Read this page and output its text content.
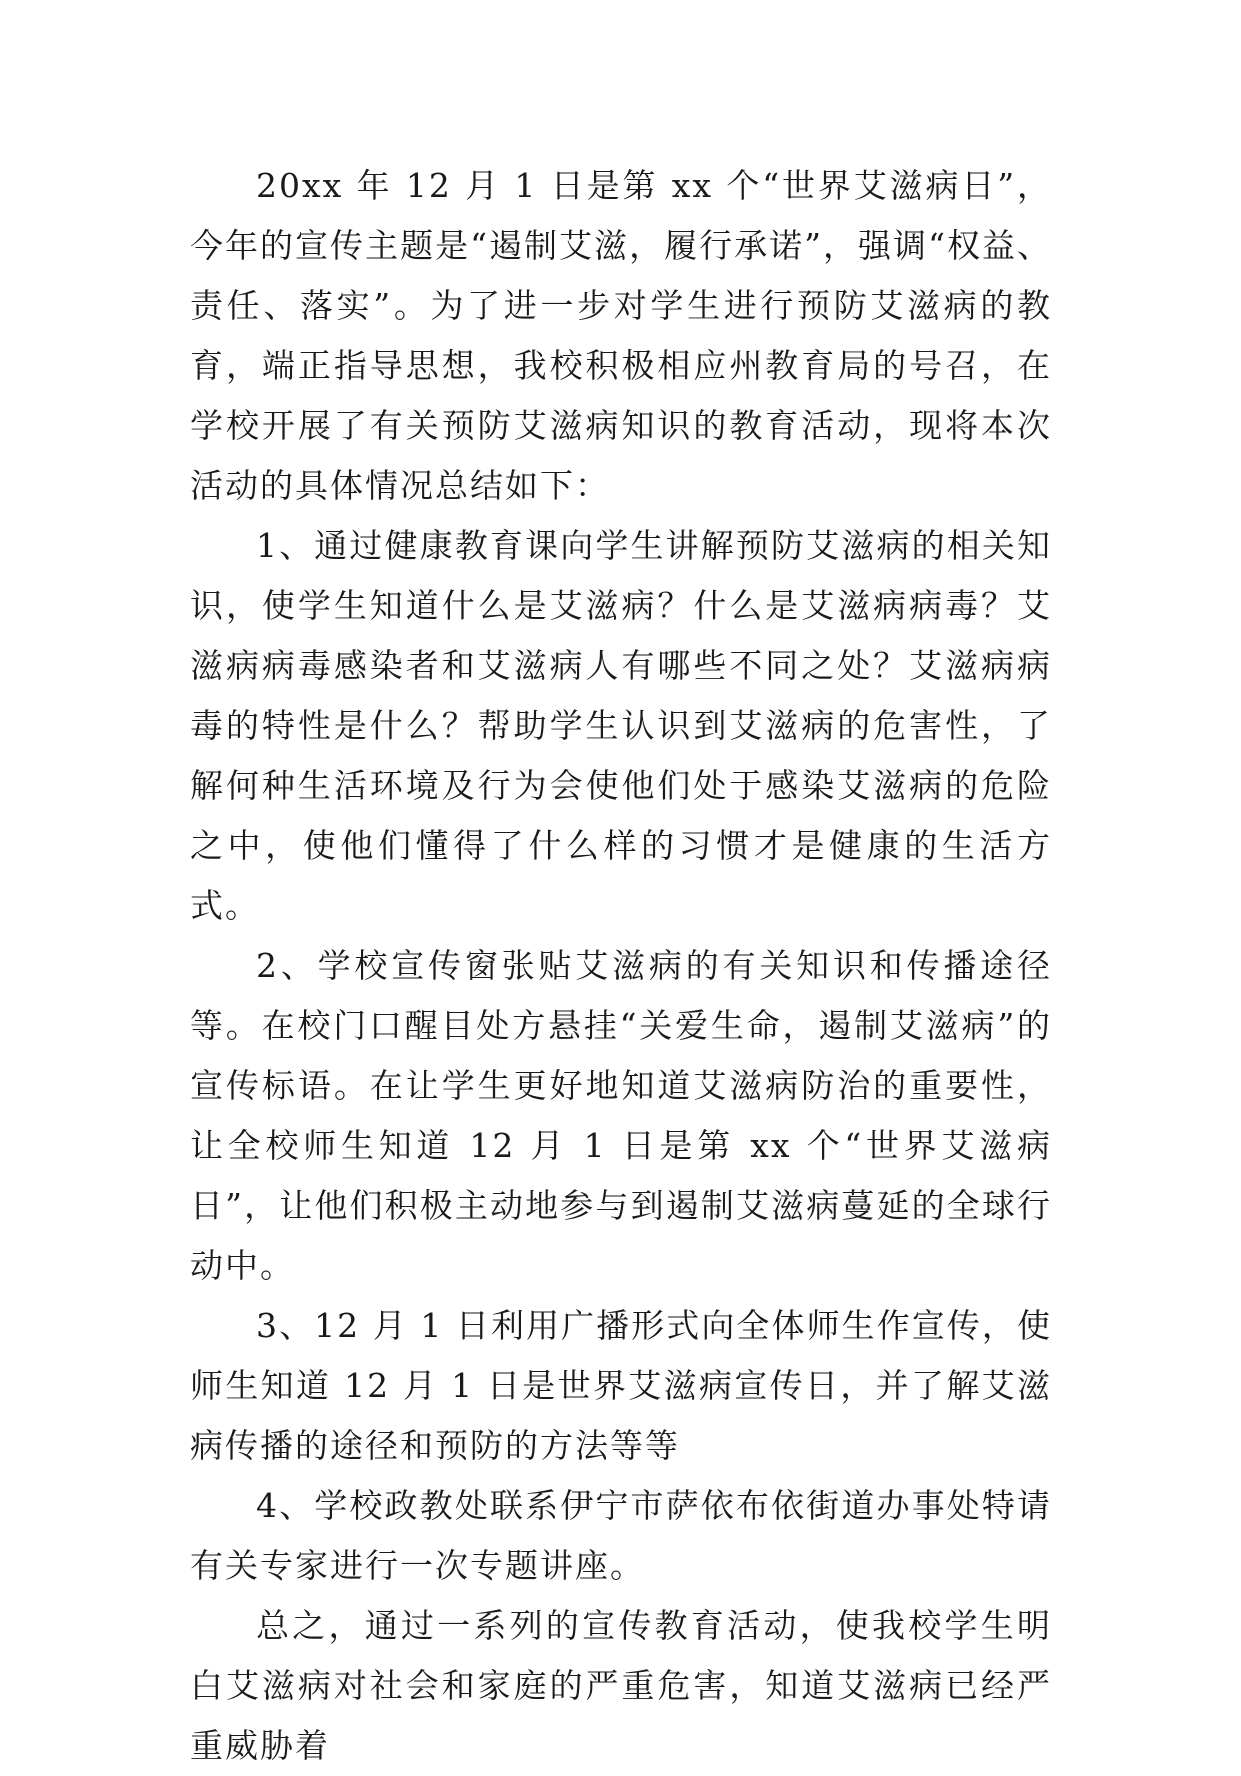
20xx 年 12 月 1 日是第 xx 个“世界艾滋病日”，今年的宣传主题是“遏制艾滋，履行承诺”，强调“权益、责任、落实”。为了进一步对学生进行预防艾滋病的教育，端正指导思想，我校积极相应州教育局的号召，在学校开展了有关预防艾滋病知识的教育活动，现将本次活动的具体情况总结如下：

1、通过健康教育课向学生讲解预防艾滋病的相关知识，使学生知道什么是艾滋病？什么是艾滋病病毒？艾滋病病毒感染者和艾滋病人有哪些不同之处？艾滋病病毒的特性是什么？帮助学生认识到艾滋病的危害性，了解何种生活环境及行为会使他们处于感染艾滋病的危险之中，使他们懂得了什么样的习惯才是健康的生活方式。

2、学校宣传窗张贴艾滋病的有关知识和传播途径等。在校门口醒目处方悬挂“关爱生命，遏制艾滋病”的宣传标语。在让学生更好地知道艾滋病防治的重要性，让全校师生知道 12 月 1 日是第 xx 个“世界艾滋病日”，让他们积极主动地参与到遏制艾滋病蔓延的全球行动中。

3、12 月 1 日利用广播形式向全体师生作宣传，使师生知道 12 月 1 日是世界艾滋病宣传日，并了解艾滋病传播的途径和预防的方法等等

4、学校政教处联系伊宁市萨依布依街道办事处特请有关专家进行一次专题讲座。

总之，通过一系列的宣传教育活动，使我校学生明白艾滋病对社会和家庭的严重危害，知道艾滋病已经严重威胁着
